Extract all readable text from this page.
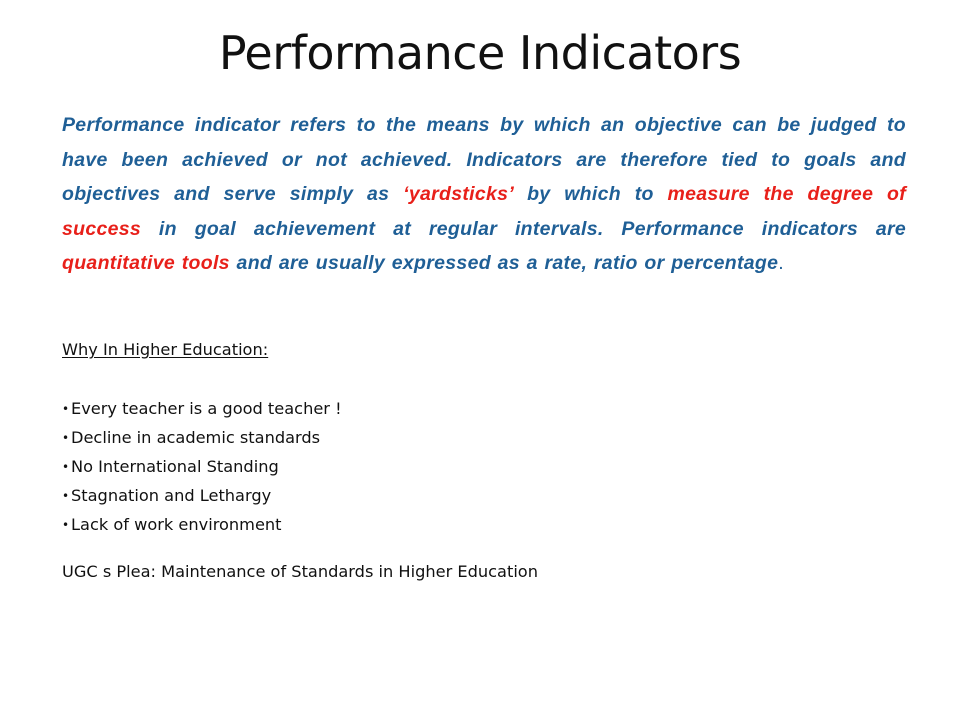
Performance Indicators
Performance indicator refers to the means by which an objective can be judged to have been achieved or not achieved. Indicators are therefore tied to goals and objectives and serve simply as ‘yardsticks’ by which to measure the degree of success in goal achievement at regular intervals. Performance indicators are quantitative tools and are usually expressed as a rate, ratio or percentage.

Why In Higher Education:

• Every teacher is a good teacher !
• Decline in academic standards
• No International Standing
• Stagnation and Lethargy
• Lack of work environment

UGC s Plea: Maintenance of Standards in Higher Education
